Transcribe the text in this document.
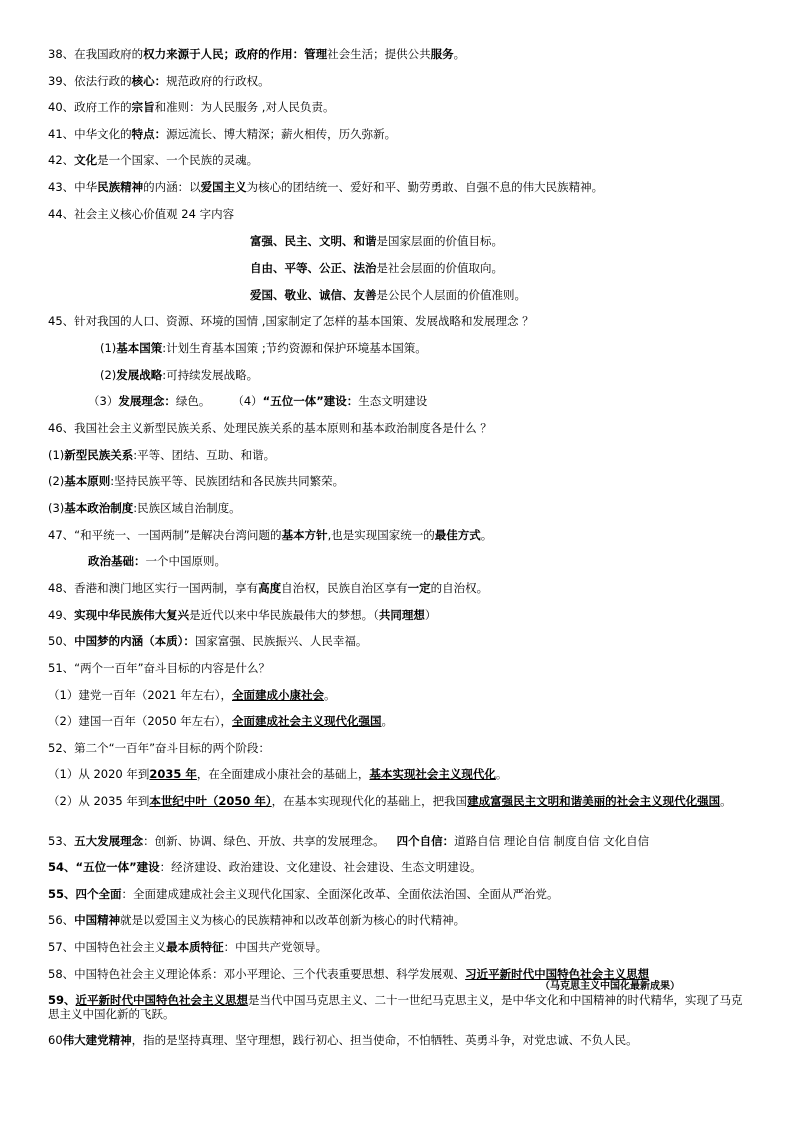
38、在我国政府的权力来源于人民；政府的作用：管理社会生活；提供公共服务。
39、依法行政的核心：规范政府的行政权。
40、政府工作的宗旨和准则：为人民服务 ,对人民负责。
41、中华文化的特点：源远流长、博大精深；薪火相传，历久弥新。
42、文化是一个国家、一个民族的灵魂。
43、中华民族精神的内涵：以爱国主义为核心的团结统一、爱好和平、勤劳勇敢、自强不息的伟大民族精神。
44、社会主义核心价值观 24 字内容
富强、民主、文明、和谐是国家层面的价值目标。
自由、平等、公正、法治是社会层面的价值取向。
爱国、敬业、诚信、友善是公民个人层面的价值准则。
45、针对我国的人口、资源、环境的国情 ,国家制定了怎样的基本国策、发展战略和发展理念 ？
(1)基本国策:计划生育基本国策 ;节约资源和保护环境基本国策。
(2)发展战略:可持续发展战略。
（3）发展理念：绿色。 （4）“五位一体”建设：生态文明建设
46、我国社会主义新型民族关系、处理民族关系的基本原则和基本政治制度各是什么 ？
(1)新型民族关系:平等、团结、互助、和谐。
(2)基本原则:坚持民族平等、民族团结和各民族共同繁荣。
(3)基本政治制度:民族区域自治制度。
47、“和平统一、一国两制”是解决台湾问题的基本方针,也是实现国家统一的最佳方式。
政治基础：一个中国原则。
48、香港和澳门地区实行一国两制，享有高度自治权，民族自治区享有一定的自治权。
49、实现中华民族伟大复兴是近代以来中华民族最伟大的梦想。（共同理想）
50、中国梦的内涵（本质）：国家富强、民族振兴、人民幸福。
51、“两个一百年”奋斗目标的内容是什么？
（1）建党一百年（2021 年左右），全面建成小康社会。
（2）建国一百年（2050 年左右），全面建成社会主义现代化强国。
52、第二个“一百年”奋斗目标的两个阶段：
（1）从 2020 年到2035 年，在全面建成小康社会的基础上，基本实现社会主义现代化。
（2）从 2035 年到本世纪中叶（2050 年），在基本实现现代化的基础上，把我国建成富强民主文明和谐美丽的社会主义现代化强国。
53、五大发展理念：创新、协调、绿色、开放、共享的发展理念。 四个自信：道路自信 理论自信 制度自信 文化自信
54、“五位一体”建设：经济建设、政治建设、文化建设、社会建设、生态文明建设。
55、四个全面：全面建成建成社会主义现代化国家、全面深化改革、全面依法治国、全面从严治党。
56、中国精神就是以爱国主义为核心的民族精神和以改革创新为核心的时代精神。
57、中国特色社会主义最本质特征：中国共产党领导。
58、中国特色社会主义理论体系：邓小平理论、三个代表重要思想、科学发展观、习近平新时代中国特色社会主义思想
（马克思主义中国化最新成果）
59、近平新时代中国特色社会主义思想是当代中国马克思主义、二十一世纪马克思主义，是中华文化和中国精神的时代精华，实现了马克思主义中国化新的飞跃。
60伟大建党精神，指的是坚持真理、坚守理想，践行初心、担当使命，不怕牺牲、英勇斗争，对党忠诚、不负人民。
